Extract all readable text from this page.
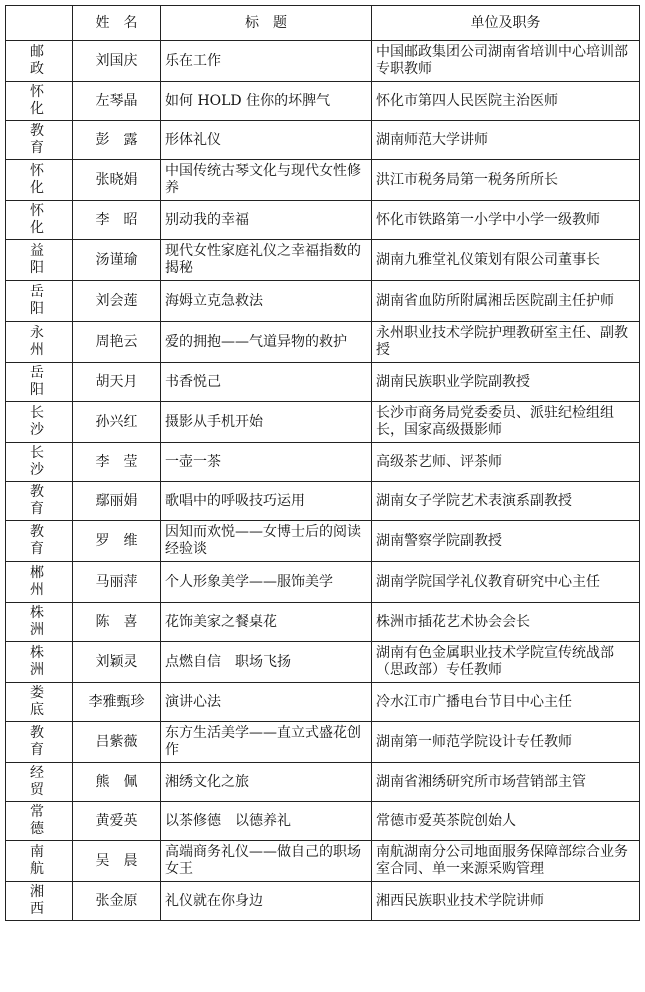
	姓　名	标　题	单位及职务
邮政	刘国庆	乐在工作	中国邮政集团公司湖南省培训中心培训部专职教师
怀化	左琴晶	如何 HOLD 住你的坏脾气	怀化市第四人民医院主治医师
教育	彭　露	形体礼仪	湖南师范大学讲师
怀化	张晓娟	中国传统古琴文化与现代女性修养	洪江市税务局第一税务所所长
怀化	李　昭	别动我的幸福	怀化市铁路第一小学中小学一级教师
益阳	汤谨瑜	现代女性家庭礼仪之幸福指数的揭秘	湖南九雅堂礼仪策划有限公司董事长
岳阳	刘会莲	海姆立克急救法	湖南省血防所附属湘岳医院副主任护师
永州	周艳云	爱的拥抱——气道异物的救护	永州职业技术学院护理教研室主任、副教授
岳阳	胡天月	书香悦己	湖南民族职业学院副教授
长沙	孙兴红	摄影从手机开始	长沙市商务局党委委员、派驻纪检组组长，国家高级摄影师
长沙	李　莹	一壶一茶	高级茶艺师、评茶师
教育	鄢丽娟	歌唱中的呼吸技巧运用	湖南女子学院艺术表演系副教授
教育	罗　维	因知而欢悦——女博士后的阅读经验谈	湖南警察学院副教授
郴州	马丽萍	个人形象美学——服饰美学	湖南学院国学礼仪教育研究中心主任
株洲	陈　喜	花饰美家之餐桌花	株洲市插花艺术协会会长
株洲	刘颖灵	点燃自信　职场飞扬	湖南有色金属职业技术学院宣传统战部（思政部）专任教师
娄底	李雅甄珍	演讲心法	冷水江市广播电台节目中心主任
教育	吕紫薇	东方生活美学——直立式盛花创作	湖南第一师范学院设计专任教师
经贸	熊　佩	湘绣文化之旅	湖南省湘绣研究所市场营销部主管
常德	黄爱英	以茶修德　以德养礼	常德市爱英茶院创始人
南航	吴　晨	高端商务礼仪——做自己的职场女王	南航湖南分公司地面服务保障部综合业务室合同、单一来源采购管理
湘西	张金原	礼仪就在你身边	湘西民族职业技术学院讲师
